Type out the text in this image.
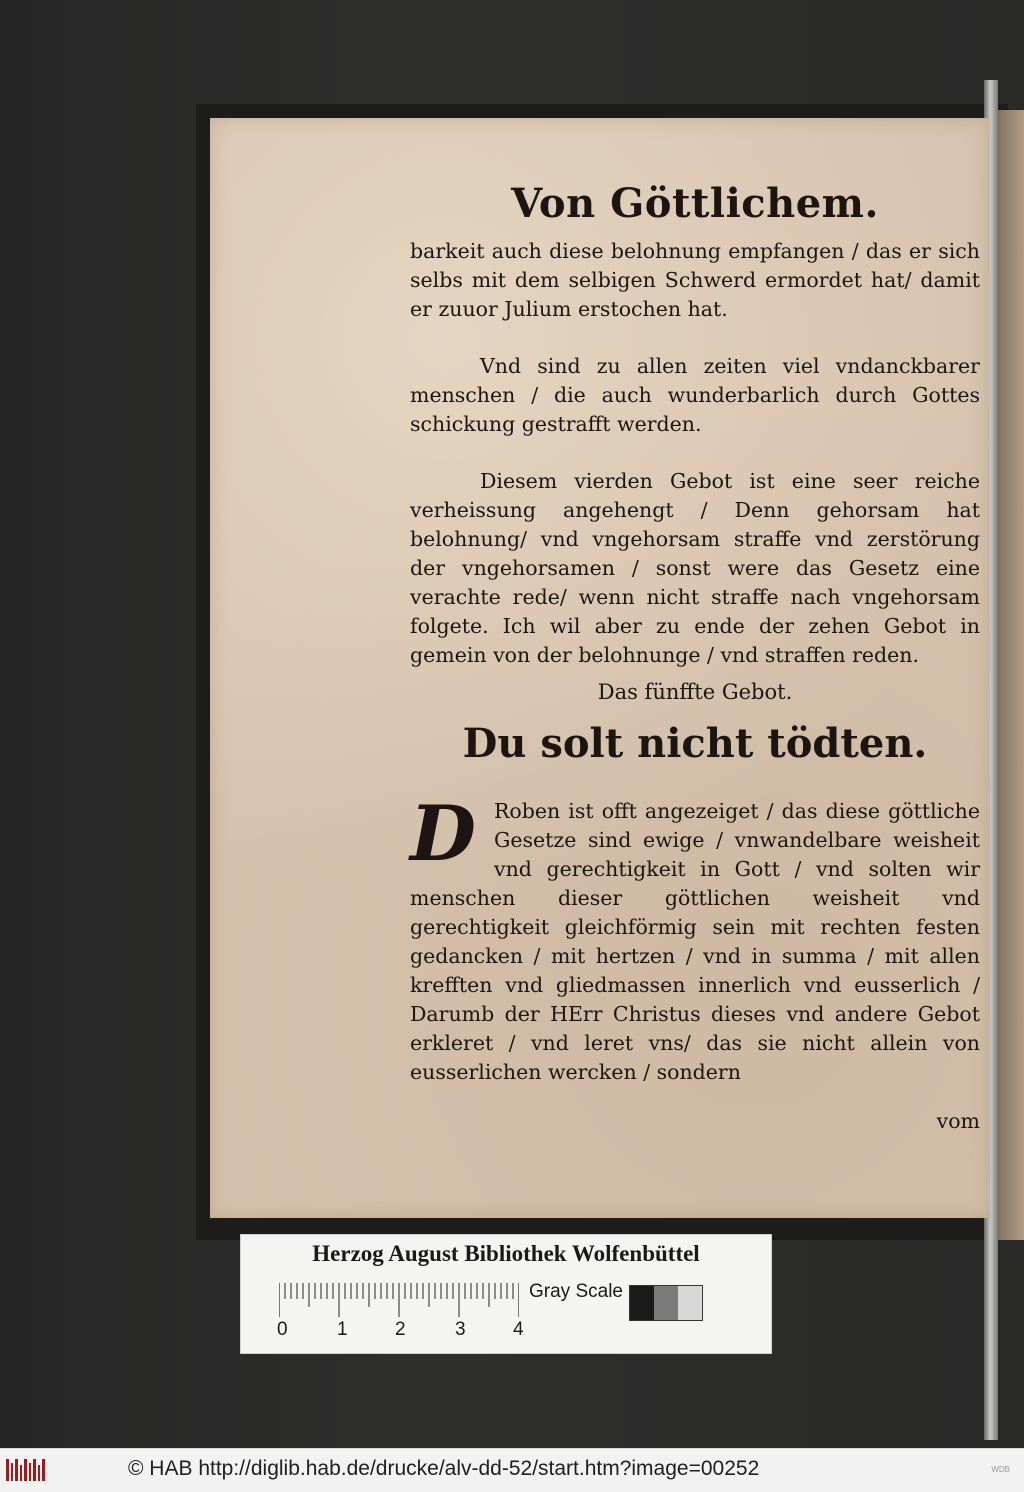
Von Göttlichem.

barkeit auch diese belohnung empfangen / das er sich selbs mit dem selbigen Schwerd ermordet hat/ damit er zuuor Julium erstochen hat.

Vnd sind zu allen zeiten viel vndanckbarer menschen / die auch wunderbarlich durch Gottes schickung gestrafft werden.

Diesem vierden Gebot ist eine seer reiche verheissung angehengt / Denn gehorsam hat belohnung/ vnd vngehorsam straffe vnd zerstörung der vngehorsamen / sonst were das Gesetz eine verachte rede/ wenn nicht straffe nach vngehorsam folgete. Ich wil aber zu ende der zehen Gebot in gemein von der belohnunge / vnd straffen reden.

Das fünffte Gebot.
Du solt nicht tödten.

D Roben ist offt angezeiget / das diese göttliche Gesetze sind ewige / vnwandelbare weisheit vnd gerechtigkeit in Gott / vnd solten wir menschen dieser göttlichen weisheit vnd gerechtigkeit gleichförmig sein mit rechten festen gedancken / mit hertzen / vnd in summa / mit allen krefften vnd gliedmassen innerlich vnd eusserlich / Darumb der HErr Christus dieses vnd andere Gebot erkleret / vnd leret vns/ das sie nicht allein von eusserlichen wercken / sondern

vom
Herzog August Bibliothek Wolfenbüttel
0	1 2	3 4
Gray Scale
© HAB http://diglib.hab.de/drucke/alv-dd-52/start.htm?image=00252	WDB
